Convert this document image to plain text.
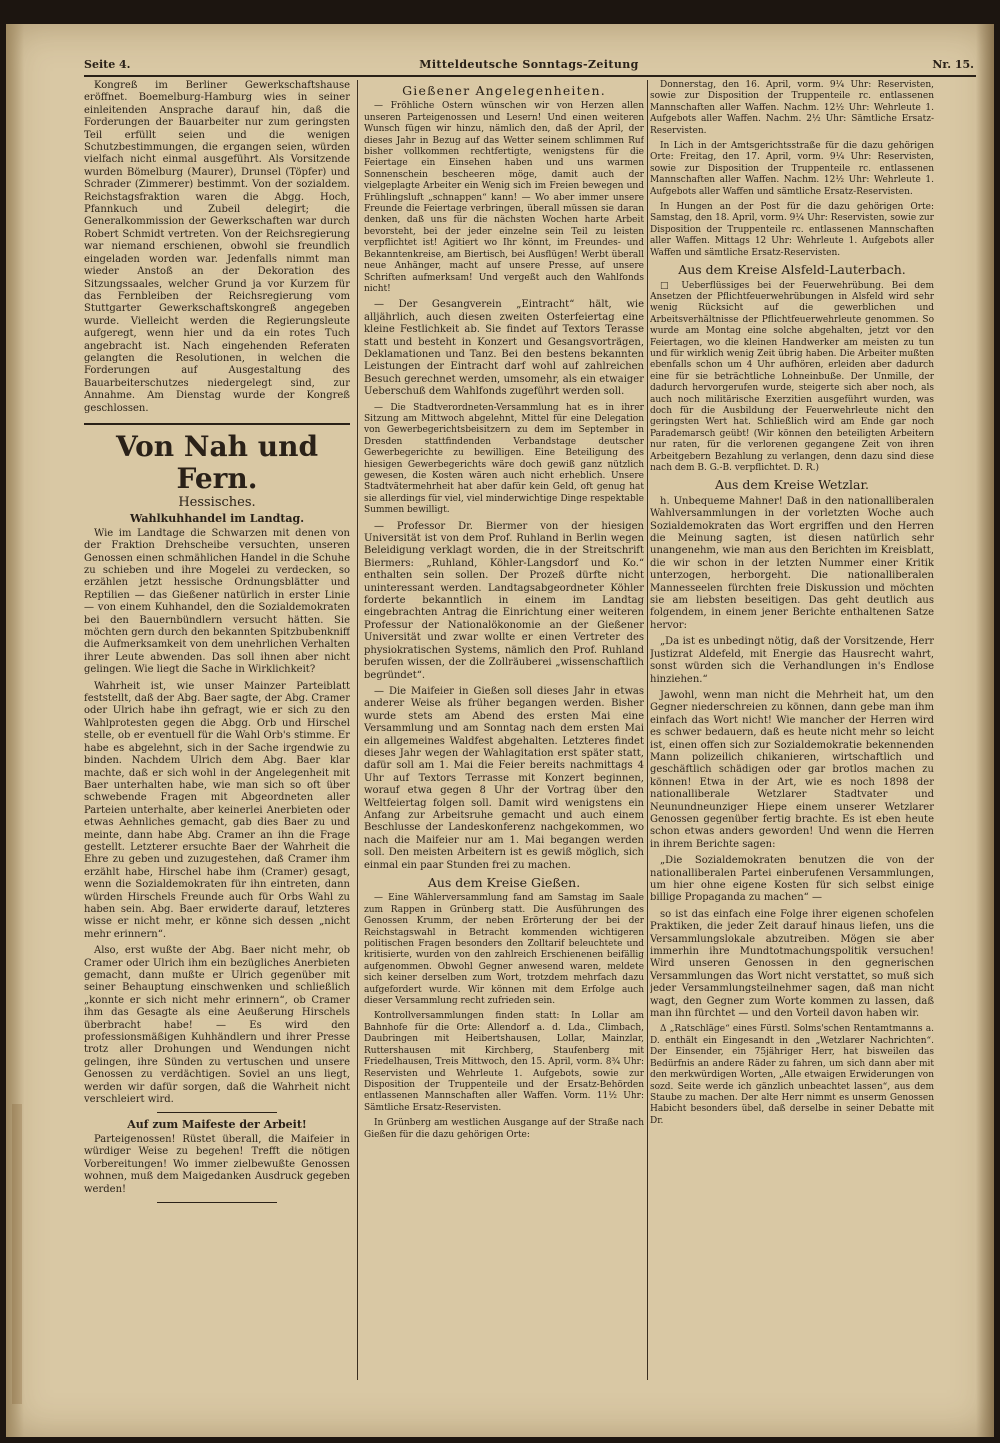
Seite 4.	Mitteldeutsche Sonntags-Zeitung	Nr. 15.

Kongreß im Berliner Gewerkschaftshause eröffnet. Boemelburg-Hamburg wies in seiner einleitenden Ansprache darauf hin, daß die Forderungen der Bauarbeiter nur zum geringsten Teil erfüllt seien und die wenigen Schutzbestimmungen, die ergangen seien, würden vielfach nicht einmal ausgeführt. Als Vorsitzende wurden Bömelburg (Maurer), Drunsel (Töpfer) und Schrader (Zimmerer) bestimmt. Von der sozialdem. Reichstagsfraktion waren die Abgg. Hoch, Pfannkuch und Zubeil delegirt; die Generalkommission der Gewerkschaften war durch Robert Schmidt vertreten. Von der Reichsregierung war niemand erschienen, obwohl sie freundlich eingeladen worden war. Jedenfalls nimmt man wieder Anstoß an der Dekoration des Sitzungssaales, welcher Grund ja vor Kurzem für das Fernbleiben der Reichsregierung vom Stuttgarter Gewerkschaftskongreß angegeben wurde. Vielleicht werden die Regierungsleute aufgeregt, wenn hier und da ein rotes Tuch angebracht ist. Nach eingehenden Referaten gelangten die Resolutionen, in welchen die Forderungen auf Ausgestaltung des Bauarbeiterschutzes niedergelegt sind, zur Annahme. Am Dienstag wurde der Kongreß geschlossen.

Von Nah und Fern.
Hessisches.
Wahlkuhhandel im Landtag.

Wie im Landtage die Schwarzen mit denen von der Fraktion Drehscheibe versuchten, unseren Genossen einen schmählichen Handel in die Schuhe zu schieben und ihre Mogelei zu verdecken, so erzählen jetzt hessische Ordnungsblätter und Reptilien — das Gießener natürlich in erster Linie — von einem Kuhhandel, den die Sozialdemokraten bei den Bauernbündlern versucht hätten. Sie möchten gern durch den bekannten Spitzbubenkniff die Aufmerksamkeit von dem unehrlichen Verhalten ihrer Leute abwenden. Das soll ihnen aber nicht gelingen. Wie liegt die Sache in Wirklichkeit?

Wahrheit ist, wie unser Mainzer Parteiblatt feststellt, daß der Abg. Baer sagte, der Abg. Cramer oder Ulrich habe ihn gefragt, wie er sich zu den Wahlprotesten gegen die Abgg. Orb und Hirschel stelle, ob er eventuell für die Wahl Orb's stimme. Er habe es abgelehnt, sich in der Sache irgendwie zu binden. Nachdem Ulrich dem Abg. Baer klar machte, daß er sich wohl in der Angelegenheit mit Baer unterhalten habe, wie man sich so oft über schwebende Fragen mit Abgeordneten aller Parteien unterhalte, aber keinerlei Anerbieten oder etwas Aehnliches gemacht, gab dies Baer zu und meinte, dann habe Abg. Cramer an ihn die Frage gestellt. Letzterer ersuchte Baer der Wahrheit die Ehre zu geben und zuzugestehen, daß Cramer ihm erzählt habe, Hirschel habe ihm (Cramer) gesagt, wenn die Sozialdemokraten für ihn eintreten, dann würden Hirschels Freunde auch für Orbs Wahl zu haben sein. Abg. Baer erwiderte darauf, letzteres wisse er nicht mehr, er könne sich dessen „nicht mehr erinnern“.

Also, erst wußte der Abg. Baer nicht mehr, ob Cramer oder Ulrich ihm ein bezügliches Anerbieten gemacht, dann mußte er Ulrich gegenüber mit seiner Behauptung einschwenken und schließlich „konnte er sich nicht mehr erinnern“, ob Cramer ihm das Gesagte als eine Aeußerung Hirschels überbracht habe! — Es wird den professionsmäßigen Kuhhändlern und ihrer Presse trotz aller Drohungen und Wendungen nicht gelingen, ihre Sünden zu vertuschen und unsere Genossen zu verdächtigen. Soviel an uns liegt, werden wir dafür sorgen, daß die Wahrheit nicht verschleiert wird.

Auf zum Maifeste der Arbeit!

Parteigenossen! Rüstet überall, die Maifeier in würdiger Weise zu begehen! Trefft die nötigen Vorbereitungen! Wo immer zielbewußte Genossen wohnen, muß dem Maigedanken Ausdruck gegeben werden!

Gießener Angelegenheiten.

— Fröhliche Ostern wünschen wir von Herzen allen unseren Parteigenossen und Lesern! Und einen weiteren Wunsch fügen wir hinzu, nämlich den, daß der April, der dieses Jahr in Bezug auf das Wetter seinem schlimmen Ruf bisher vollkommen rechtfertigte, wenigstens für die Feiertage ein Einsehen haben und uns warmen Sonnenschein bescheeren möge, damit auch der vielgeplagte Arbeiter ein Wenig sich im Freien bewegen und Frühlingsluft „schnappen“ kann! — Wo aber immer unsere Freunde die Feiertage verbringen, überall müssen sie daran denken, daß uns für die nächsten Wochen harte Arbeit bevorsteht, bei der jeder einzelne sein Teil zu leisten verpflichtet ist! Agitiert wo Ihr könnt, im Freundes- und Bekanntenkreise, am Biertisch, bei Ausflügen! Werbt überall neue Anhänger, macht auf unsere Presse, auf unsere Schriften aufmerksam! Und vergeßt auch den Wahlfonds nicht!

— Der Gesangverein „Eintracht“ hält, wie alljährlich, auch diesen zweiten Osterfeiertag eine kleine Festlichkeit ab. Sie findet auf Textors Terasse statt und besteht in Konzert und Gesangsvorträgen, Deklamationen und Tanz. Bei den bestens bekannten Leistungen der Eintracht darf wohl auf zahlreichen Besuch gerechnet werden, umsomehr, als ein etwaiger Ueberschuß dem Wahlfonds zugeführt werden soll.

— Die Stadtverordneten-Versammlung hat es in ihrer Sitzung am Mittwoch abgelehnt, Mittel für eine Delegation von Gewerbegerichtsbeisitzern zu dem im September in Dresden stattfindenden Verbandstage deutscher Gewerbegerichte zu bewilligen. Eine Beteiligung des hiesigen Gewerbegerichts wäre doch gewiß ganz nützlich gewesen, die Kosten wären auch nicht erheblich. Unsere Stadtvätermehrheit hat aber dafür kein Geld, oft genug hat sie allerdings für viel, viel minderwichtige Dinge respektable Summen bewilligt.

— Professor Dr. Biermer von der hiesigen Universität ist von dem Prof. Ruhland in Berlin wegen Beleidigung verklagt worden, die in der Streitschrift Biermers: „Ruhland, Köhler-Langsdorf und Ko.“ enthalten sein sollen. Der Prozeß dürfte nicht uninteressant werden. Landtagsabgeordneter Köhler forderte bekanntlich in einem im Landtag eingebrachten Antrag die Einrichtung einer weiteren Professur der Nationalökonomie an der Gießener Universität und zwar wollte er einen Vertreter des physiokratischen Systems, nämlich den Prof. Ruhland berufen wissen, der die Zollräuberei „wissenschaftlich begründet“.

— Die Maifeier in Gießen soll dieses Jahr in etwas anderer Weise als früher begangen werden. Bisher wurde stets am Abend des ersten Mai eine Versammlung und am Sonntag nach dem ersten Mai ein allgemeines Waldfest abgehalten. Letzteres findet dieses Jahr wegen der Wahlagitation erst später statt, dafür soll am 1. Mai die Feier bereits nachmittags 4 Uhr auf Textors Terrasse mit Konzert beginnen, worauf etwa gegen 8 Uhr der Vortrag über den Weltfeiertag folgen soll. Damit wird wenigstens ein Anfang zur Arbeitsruhe gemacht und auch einem Beschlusse der Landeskonferenz nachgekommen, wo nach die Maifeier nur am 1. Mai begangen werden soll. Den meisten Arbeitern ist es gewiß möglich, sich einmal ein paar Stunden frei zu machen.

Aus dem Kreise Gießen.

— Eine Wählerversammlung fand am Samstag im Saale zum Rappen in Grünberg statt. Die Ausführungen des Genossen Krumm, der neben Erörterung der bei der Reichstagswahl in Betracht kommenden wichtigeren politischen Fragen besonders den Zolltarif beleuchtete und kritisierte, wurden von den zahlreich Erschienenen beifällig aufgenommen. Obwohl Gegner anwesend waren, meldete sich keiner derselben zum Wort, trotzdem mehrfach dazu aufgefordert wurde. Wir können mit dem Erfolge auch dieser Versammlung recht zufrieden sein.

Kontrollversammlungen finden statt: In Lollar am Bahnhofe für die Orte: Allendorf a. d. Lda., Climbach, Daubringen mit Heibertshausen, Lollar, Mainzlar, Ruttershausen mit Kirchberg, Staufenberg mit Friedelhausen, Treis Mittwoch, den 15. April, vorm. 8¾ Uhr: Reservisten und Wehrleute 1. Aufgebots, sowie zur Disposition der Truppenteile und der Ersatz-Behörden entlassenen Mannschaften aller Waffen. Vorm. 11½ Uhr: Sämtliche Ersatz-Reservisten.

In Grünberg am westlichen Ausgange auf der Straße nach Gießen für die dazu gehörigen Orte:

Donnerstag, den 16. April, vorm. 9¼ Uhr: Reservisten, sowie zur Disposition der Truppenteile rc. entlassenen Mannschaften aller Waffen. Nachm. 12½ Uhr: Wehrleute 1. Aufgebots aller Waffen. Nachm. 2½ Uhr: Sämtliche Ersatz-Reservisten.

In Lich in der Amtsgerichtsstraße für die dazu gehörigen Orte: Freitag, den 17. April, vorm. 9¼ Uhr: Reservisten, sowie zur Disposition der Truppenteile rc. entlassenen Mannschaften aller Waffen. Nachm. 12½ Uhr: Wehrleute 1. Aufgebots aller Waffen und sämtliche Ersatz-Reservisten.

In Hungen an der Post für die dazu gehörigen Orte: Samstag, den 18. April, vorm. 9¼ Uhr: Reservisten, sowie zur Disposition der Truppenteile rc. entlassenen Mannschaften aller Waffen. Mittags 12 Uhr: Wehrleute 1. Aufgebots aller Waffen und sämtliche Ersatz-Reservisten.

Aus dem Kreise Alsfeld-Lauterbach.

□ Ueberflüssiges bei der Feuerwehrübung. Bei dem Ansetzen der Pflichtfeuerwehrübungen in Alsfeld wird sehr wenig Rücksicht auf die gewerblichen und Arbeitsverhältnisse der Pflichtfeuerwehrleute genommen. So wurde am Montag eine solche abgehalten, jetzt vor den Feiertagen, wo die kleinen Handwerker am meisten zu tun und für wirklich wenig Zeit übrig haben. Die Arbeiter mußten ebenfalls schon um 4 Uhr aufhören, erleiden aber dadurch eine für sie beträchtliche Lohneinbuße. Der Unmille, der dadurch hervorgerufen wurde, steigerte sich aber noch, als auch noch militärische Exerzitien ausgeführt wurden, was doch für die Ausbildung der Feuerwehrleute nicht den geringsten Wert hat. Schließlich wird am Ende gar noch Parademarsch geübt! (Wir können den beteiligten Arbeitern nur raten, für die verlorenen gegangene Zeit von ihren Arbeitgebern Bezahlung zu verlangen, denn dazu sind diese nach dem B. G.-B. verpflichtet. D. R.)

Aus dem Kreise Wetzlar.

h. Unbequeme Mahner! Daß in den nationalliberalen Wahlversammlungen in der vorletzten Woche auch Sozialdemokraten das Wort ergriffen und den Herren die Meinung sagten, ist diesen natürlich sehr unangenehm, wie man aus den Berichten im Kreisblatt, die wir schon in der letzten Nummer einer Kritik unterzogen, herborgeht. Die nationalliberalen Mannesseelen fürchten freie Diskussion und möchten sie am liebsten beseitigen. Das geht deutlich aus folgendem, in einem jener Berichte enthaltenen Satze hervor:

„Da ist es unbedingt nötig, daß der Vorsitzende, Herr Justizrat Aldefeld, mit Energie das Hausrecht wahrt, sonst würden sich die Verhandlungen in's Endlose hinziehen.“

Jawohl, wenn man nicht die Mehrheit hat, um den Gegner niederschreien zu können, dann gebe man ihm einfach das Wort nicht! Wie mancher der Herren wird es schwer bedauern, daß es heute nicht mehr so leicht ist, einen offen sich zur Sozialdemokratie bekennenden Mann polizeilich chikanieren, wirtschaftlich und geschäftlich schädigen oder gar brotlos machen zu können! Etwa in der Art, wie es noch 1898 der nationalliberale Wetzlarer Stadtvater und Neunundneunziger Hiepe einem unserer Wetzlarer Genossen gegenüber fertig brachte. Es ist eben heute schon etwas anders geworden! Und wenn die Herren in ihrem Berichte sagen:

„Die Sozialdemokraten benutzen die von der nationalliberalen Partei einberufenen Versammlungen, um hier ohne eigene Kosten für sich selbst einige billige Propaganda zu machen“ —

so ist das einfach eine Folge ihrer eigenen schofelen Praktiken, die jeder Zeit darauf hinaus liefen, uns die Versammlungslokale abzutreiben. Mögen sie aber immerhin ihre Mundtotmachungspolitik versuchen! Wird unseren Genossen in den gegnerischen Versammlungen das Wort nicht verstattet, so muß sich jeder Versammlungsteilnehmer sagen, daß man nicht wagt, den Gegner zum Worte kommen zu lassen, daß man ihn fürchtet — und den Vorteil davon haben wir.

Δ „Ratschläge“ eines Fürstl. Solms'schen Rentamtmanns a. D. enthält ein Eingesandt in den „Wetzlarer Nachrichten“. Der Einsender, ein 75jähriger Herr, hat bisweilen das Bedürfnis an andere Räder zu fahren, um sich dann aber mit den merkwürdigen Worten, „Alle etwaigen Erwiderungen von sozd. Seite werde ich gänzlich unbeachtet lassen“, aus dem Staube zu machen. Der alte Herr nimmt es unserm Genossen Habicht besonders übel, daß derselbe in seiner Debatte mit Dr.
